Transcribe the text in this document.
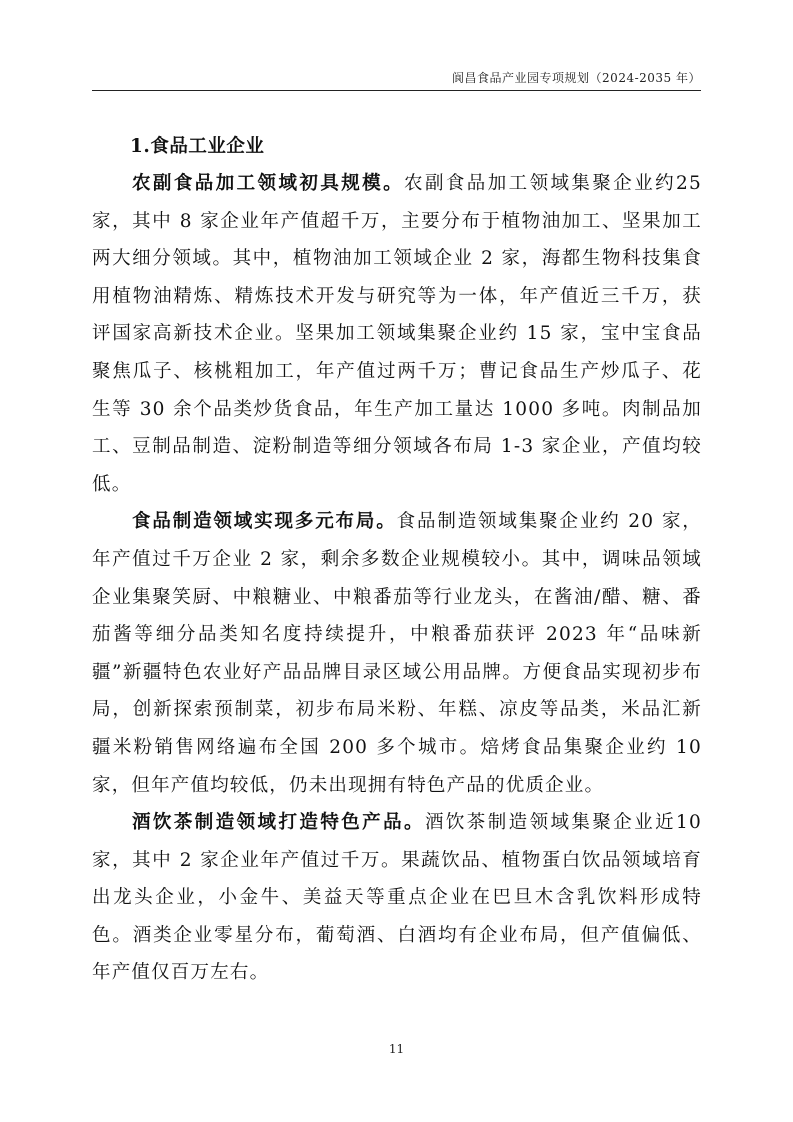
阆昌食品产业园专项规划（2024-2035 年）

1.食品工业企业

农副食品加工领域初具规模。农副食品加工领域集聚企业约25 家，其中 8 家企业年产值超千万，主要分布于植物油加工、坚果加工两大细分领域。其中，植物油加工领域企业 2 家，海都生物科技集食用植物油精炼、精炼技术开发与研究等为一体，年产值近三千万，获评国家高新技术企业。坚果加工领域集聚企业约 15 家，宝中宝食品聚焦瓜子、核桃粗加工，年产值过两千万；曹记食品生产炒瓜子、花生等 30 余个品类炒货食品，年生产加工量达 1000 多吨。肉制品加工、豆制品制造、淀粉制造等细分领域各布局 1-3 家企业，产值均较低。

食品制造领域实现多元布局。食品制造领域集聚企业约 20 家，年产值过千万企业 2 家，剩余多数企业规模较小。其中，调味品领域企业集聚笑厨、中粮糖业、中粮番茄等行业龙头，在酱油/醋、糖、番茄酱等细分品类知名度持续提升，中粮番茄获评 2023 年“品味新疆”新疆特色农业好产品品牌目录区域公用品牌。方便食品实现初步布局，创新探索预制菜，初步布局米粉、年糕、凉皮等品类，米品汇新疆米粉销售网络遍布全国 200 多个城市。焙烤食品集聚企业约 10 家，但年产值均较低，仍未出现拥有特色产品的优质企业。

酒饮茶制造领域打造特色产品。酒饮茶制造领域集聚企业近10 家，其中 2 家企业年产值过千万。果蔬饮品、植物蛋白饮品领域培育出龙头企业，小金牛、美益天等重点企业在巴旦木含乳饮料形成特色。酒类企业零星分布，葡萄酒、白酒均有企业布局，但产值偏低、年产值仅百万左右。

11
